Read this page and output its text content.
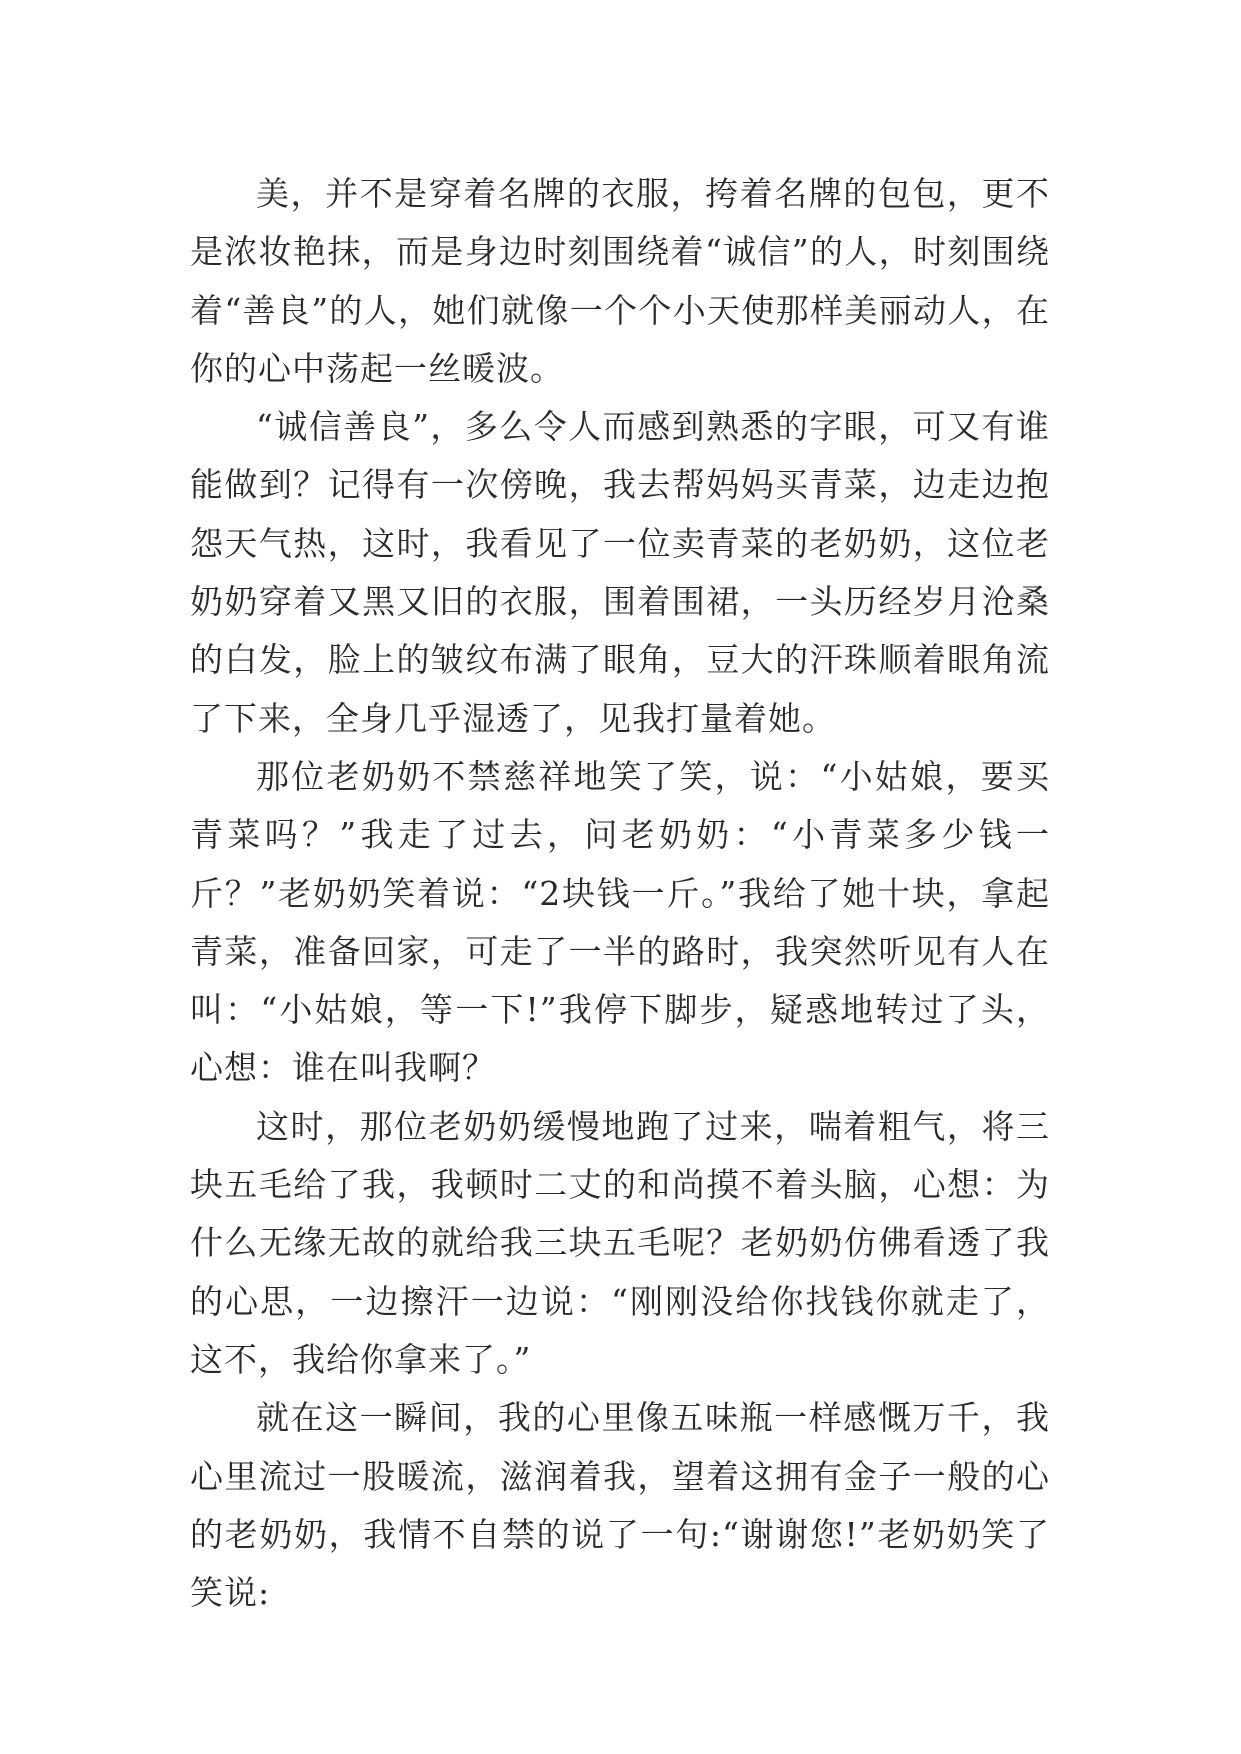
美，并不是穿着名牌的衣服，挎着名牌的包包，更不是浓妆艳抹，而是身边时刻围绕着“诚信”的人，时刻围绕着“善良”的人，她们就像一个个小天使那样美丽动人，在你的心中荡起一丝暖波。

“诚信善良”，多么令人而感到熟悉的字眼，可又有谁能做到？记得有一次傍晚，我去帮妈妈买青菜，边走边抱怨天气热，这时，我看见了一位卖青菜的老奶奶，这位老奶奶穿着又黑又旧的衣服，围着围裙，一头历经岁月沧桑的白发，脸上的皱纹布满了眼角，豆大的汗珠顺着眼角流了下来，全身几乎湿透了，见我打量着她。

那位老奶奶不禁慈祥地笑了笑，说：“小姑娘，要买青菜吗？”我走了过去，问老奶奶：“小青菜多少钱一斤？”老奶奶笑着说：“2块钱一斤。”我给了她十块，拿起青菜，准备回家，可走了一半的路时，我突然听见有人在叫：“小姑娘，等一下!”我停下脚步，疑惑地转过了头，心想：谁在叫我啊？

这时，那位老奶奶缓慢地跑了过来，喘着粗气，将三块五毛给了我，我顿时二丈的和尚摸不着头脑，心想：为什么无缘无故的就给我三块五毛呢？老奶奶仿佛看透了我的心思，一边擦汗一边说：“刚刚没给你找钱你就走了，这不，我给你拿来了。”

就在这一瞬间，我的心里像五味瓶一样感慨万千，我心里流过一股暖流，滋润着我，望着这拥有金子一般的心的老奶奶，我情不自禁的说了一句:“谢谢您!”老奶奶笑了笑说:
